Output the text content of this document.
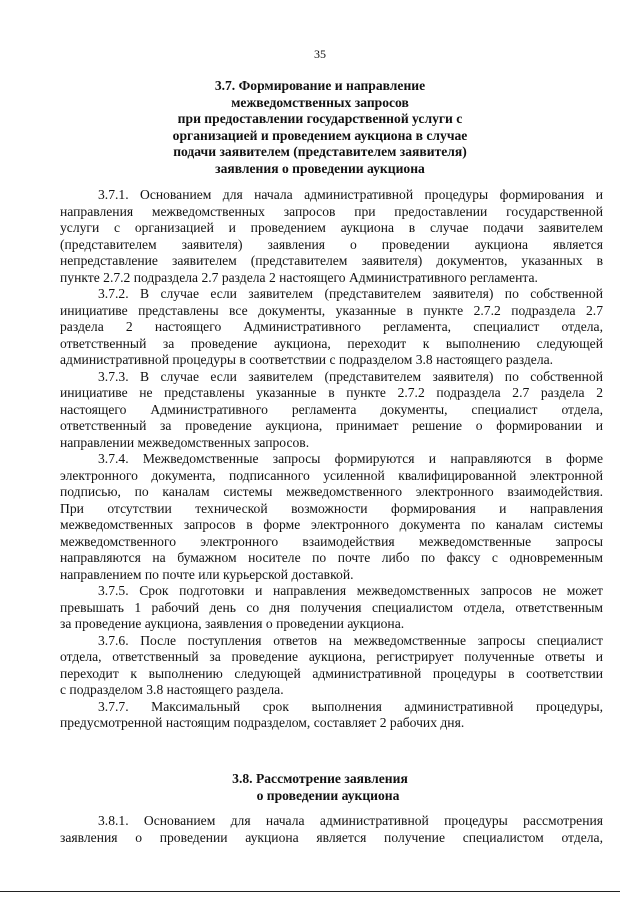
35
3.7. Формирование и направление
межведомственных запросов
при предоставлении государственной услуги с
организацией и проведением аукциона в случае
подачи заявителем (представителем заявителя)
заявления о проведении аукциона
3.7.1. Основанием для начала административной процедуры формирования и
направления межведомственных запросов при предоставлении государственной
услуги с организацией и проведением аукциона в случае подачи заявителем
(представителем заявителя) заявления о проведении аукциона является
непредставление заявителем (представителем заявителя) документов, указанных в
пункте 2.7.2 подраздела 2.7 раздела 2 настоящего Административного регламента.
3.7.2. В случае если заявителем (представителем заявителя) по собственной
инициативе представлены все документы, указанные в пункте 2.7.2 подраздела 2.7
раздела 2 настоящего Административного регламента, специалист отдела,
ответственный за проведение аукциона, переходит к выполнению следующей
административной процедуры в соответствии с подразделом 3.8 настоящего раздела.
3.7.3. В случае если заявителем (представителем заявителя) по собственной
инициативе не представлены указанные в пункте 2.7.2 подраздела 2.7 раздела 2
настоящего Административного регламента документы, специалист отдела,
ответственный за проведение аукциона, принимает решение о формировании и
направлении межведомственных запросов.
3.7.4. Межведомственные запросы формируются и направляются в форме
электронного документа, подписанного усиленной квалифицированной электронной
подписью, по каналам системы межведомственного электронного взаимодействия.
При отсутствии технической возможности формирования и направления
межведомственных запросов в форме электронного документа по каналам системы
межведомственного электронного взаимодействия межведомственные запросы
направляются на бумажном носителе по почте либо по факсу с одновременным
направлением по почте или курьерской доставкой.
3.7.5. Срок подготовки и направления межведомственных запросов не может
превышать 1 рабочий день со дня получения специалистом отдела, ответственным
за проведение аукциона, заявления о проведении аукциона.
3.7.6. После поступления ответов на межведомственные запросы специалист
отдела, ответственный за проведение аукциона, регистрирует полученные ответы и
переходит к выполнению следующей административной процедуры в соответствии
с подразделом 3.8 настоящего раздела.
3.7.7. Максимальный срок выполнения административной процедуры,
предусмотренной настоящим подразделом, составляет 2 рабочих дня.
3.8. Рассмотрение заявления
о проведении аукциона
3.8.1. Основанием для начала административной процедуры рассмотрения
заявления о проведении аукциона является получение специалистом отдела,
